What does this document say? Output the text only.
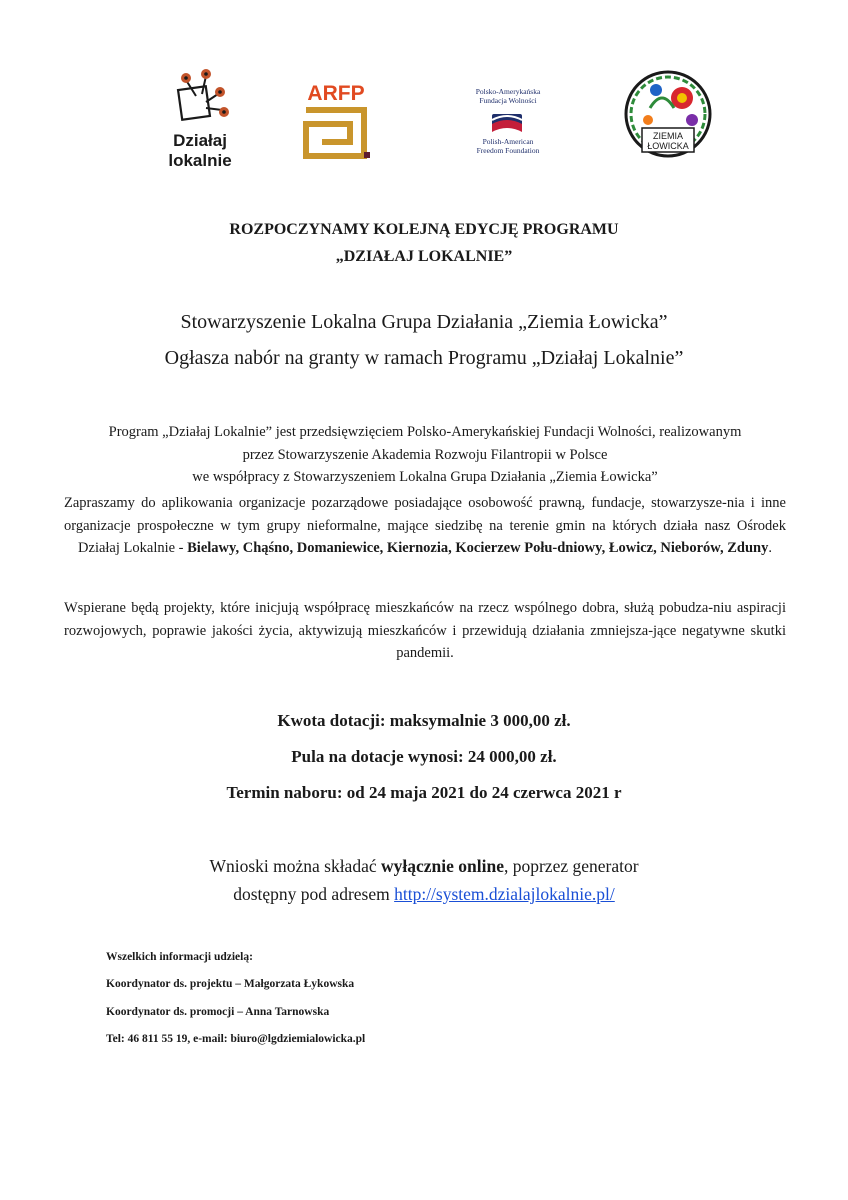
Działaj
lokalnie
ARFP	Polsko-Amerykańska
Fundacja Wolności
Polish-American
Freedom Foundation
ZIEMIA
ŁOWICKA
ROZPOCZYNAMY KOLEJNĄ EDYCJĘ PROGRAMU
„DZIAŁAJ LOKALNIE”
Stowarzyszenie Lokalna Grupa Działania „Ziemia Łowicka”
Ogłasza nabór na granty w ramach Programu „Działaj Lokalnie”
Program „Działaj Lokalnie” jest przedsięwzięciem Polsko-Amerykańskiej Fundacji Wolności, realizowanym
przez Stowarzyszenie Akademia Rozwoju Filantropii w Polsce
we współpracy z Stowarzyszeniem Lokalna Grupa Działania „Ziemia Łowicka”
Zapraszamy do aplikowania organizacje pozarządowe posiadające osobowość prawną, fundacje, stowarzysze-nia i inne organizacje prospołeczne w tym grupy nieformalne, mające siedzibę na terenie gmin na których działa nasz Ośrodek Działaj Lokalnie - Bielawy, Chąśno, Domaniewice, Kiernozia, Kocierzew Połu-dniowy, Łowicz, Nieborów, Zduny.
Wspierane będą projekty, które inicjują współpracę mieszkańców na rzecz wspólnego dobra, służą pobudza-niu aspiracji rozwojowych, poprawie jakości życia, aktywizują mieszkańców i przewidują działania zmniejsza-jące negatywne skutki pandemii.
Kwota dotacji: maksymalnie 3 000,00 zł.
Pula na dotacje wynosi: 24 000,00 zł.
Termin naboru: od 24 maja 2021 do 24 czerwca 2021 r
Wnioski można składać wyłącznie online, poprzez generator
dostępny pod adresem http://system.dzialajlokalnie.pl/
Wszelkich informacji udzielą:
Koordynator ds. projektu – Małgorzata Łykowska
Koordynator ds. promocji – Anna Tarnowska
Tel: 46 811 55 19, e-mail: biuro@lgdziemialowicka.pl
